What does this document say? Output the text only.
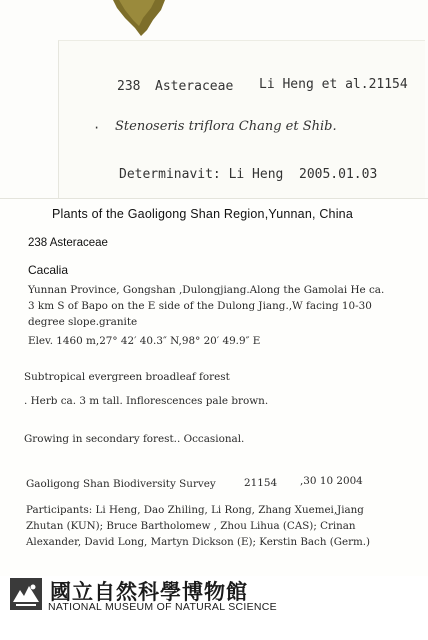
238 Asteraceae Li Heng et al.21154
· Stenoseris triflora Chang et Shib.
Determinavit: Li Heng 2005.01.03
Plants of the Gaoligong Shan Region,Yunnan, China
238 Asteraceae
Cacalia
Yunnan Province, Gongshan ,Dulongjiang.Along the Gamolai He ca.
3 km S of Bapo on the E side of the Dulong Jiang.,W facing 10-30
degree slope.granite
Elev. 1460 m,27° 42′ 40.3″ N,98° 20′ 49.9″ E
Subtropical evergreen broadleaf forest
. Herb ca. 3 m tall. Inflorescences pale brown.
Growing in secondary forest.. Occasional.
Gaoligong Shan Biodiversity Survey	21154 ,30 10 2004
Participants: Li Heng, Dao Zhiling, Li Rong, Zhang Xuemei,Jiang
Zhutan (KUN); Bruce Bartholomew , Zhou Lihua (CAS); Crinan
Alexander, David Long, Martyn Dickson (E); Kerstin Bach (Germ.)
國立自然科學博物館
NATIONAL MUSEUM OF NATURAL SCIENCE
